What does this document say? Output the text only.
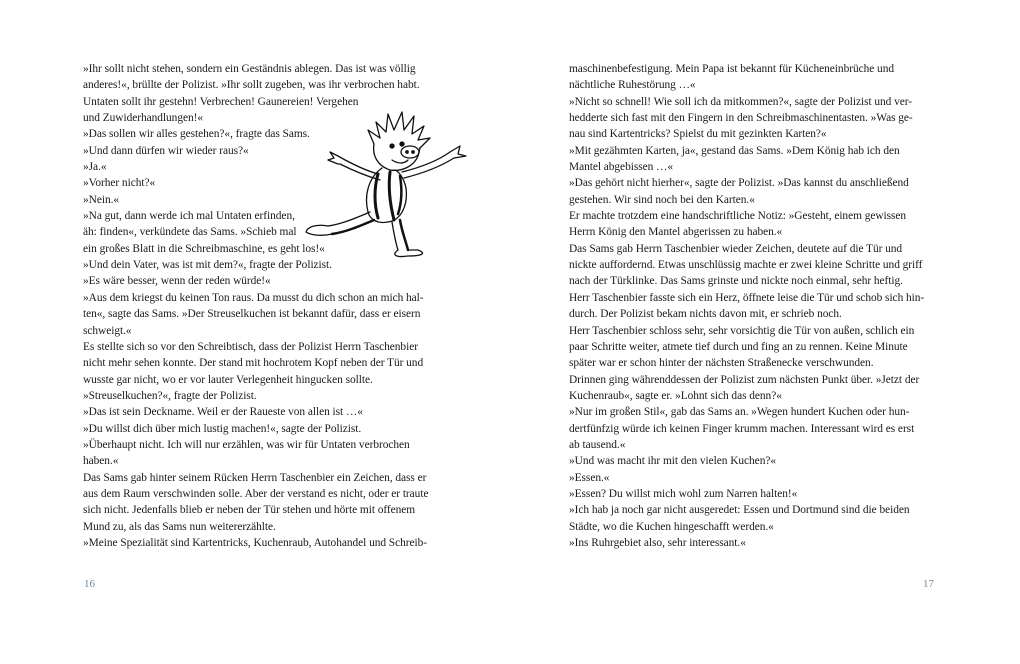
»Ihr sollt nicht stehen, sondern ein Geständnis ablegen. Das ist was völlig
anderes!«, brüllte der Polizist. »Ihr sollt zugeben, was ihr verbrochen habt.
Untaten sollt ihr gestehn! Verbrechen! Gaunereien! Vergehen
und Zuwiderhandlungen!«
»Das sollen wir alles gestehen?«, fragte das Sams.
»Und dann dürfen wir wieder raus?«
»Ja.«
»Vorher nicht?«
»Nein.«
»Na gut, dann werde ich mal Untaten erfinden,
äh: finden«, verkündete das Sams. »Schieb mal
ein großes Blatt in die Schreibmaschine, es geht los!«
»Und dein Vater, was ist mit dem?«, fragte der Polizist.
»Es wäre besser, wenn der reden würde!«
»Aus dem kriegst du keinen Ton raus. Da musst du dich schon an mich hal-
ten«, sagte das Sams. »Der Streuselkuchen ist bekannt dafür, dass er eisern
schweigt.«
Es stellte sich so vor den Schreibtisch, dass der Polizist Herrn Taschenbier
nicht mehr sehen konnte. Der stand mit hochrotem Kopf neben der Tür und
wusste gar nicht, wo er vor lauter Verlegenheit hingucken sollte.
»Streuselkuchen?«, fragte der Polizist.
»Das ist sein Deckname. Weil er der Raueste von allen ist …«
»Du willst dich über mich lustig machen!«, sagte der Polizist.
»Überhaupt nicht. Ich will nur erzählen, was wir für Untaten verbrochen
haben.«
Das Sams gab hinter seinem Rücken Herrn Taschenbier ein Zeichen, dass er
aus dem Raum verschwinden solle. Aber der verstand es nicht, oder er traute
sich nicht. Jedenfalls blieb er neben der Tür stehen und hörte mit offenem
Mund zu, als das Sams nun weitererzählte.
»Meine Spezialität sind Kartentricks, Kuchenraub, Autohandel und Schreib-
16
maschinenbefestigung. Mein Papa ist bekannt für Kücheneinbrüche und
nächtliche Ruhestörung …«
»Nicht so schnell! Wie soll ich da mitkommen?«, sagte der Polizist und ver-
hedderte sich fast mit den Fingern in den Schreibmaschinentasten. »Was ge-
nau sind Kartentricks? Spielst du mit gezinkten Karten?«
»Mit gezähmten Karten, ja«, gestand das Sams. »Dem König hab ich den
Mantel abgebissen …«
»Das gehört nicht hierher«, sagte der Polizist. »Das kannst du anschließend
gestehen. Wir sind noch bei den Karten.«
Er machte trotzdem eine handschriftliche Notiz: »Gesteht, einem gewissen
Herrn König den Mantel abgerissen zu haben.«
Das Sams gab Herrn Taschenbier wieder Zeichen, deutete auf die Tür und
nickte auffordernd. Etwas unschlüssig machte er zwei kleine Schritte und griff
nach der Türklinke. Das Sams grinste und nickte noch einmal, sehr heftig.
Herr Taschenbier fasste sich ein Herz, öffnete leise die Tür und schob sich hin-
durch. Der Polizist bekam nichts davon mit, er schrieb noch.
Herr Taschenbier schloss sehr, sehr vorsichtig die Tür von außen, schlich ein
paar Schritte weiter, atmete tief durch und fing an zu rennen. Keine Minute
später war er schon hinter der nächsten Straßenecke verschwunden.
Drinnen ging währenddessen der Polizist zum nächsten Punkt über. »Jetzt der
Kuchenraub«, sagte er. »Lohnt sich das denn?«
»Nur im großen Stil«, gab das Sams an. »Wegen hundert Kuchen oder hun-
dertfünfzig würde ich keinen Finger krumm machen. Interessant wird es erst
ab tausend.«
»Und was macht ihr mit den vielen Kuchen?«
»Essen.«
»Essen? Du willst mich wohl zum Narren halten!«
»Ich hab ja noch gar nicht ausgeredet: Essen und Dortmund sind die beiden
Städte, wo die Kuchen hingeschafft werden.«
»Ins Ruhrgebiet also, sehr interessant.«
17
